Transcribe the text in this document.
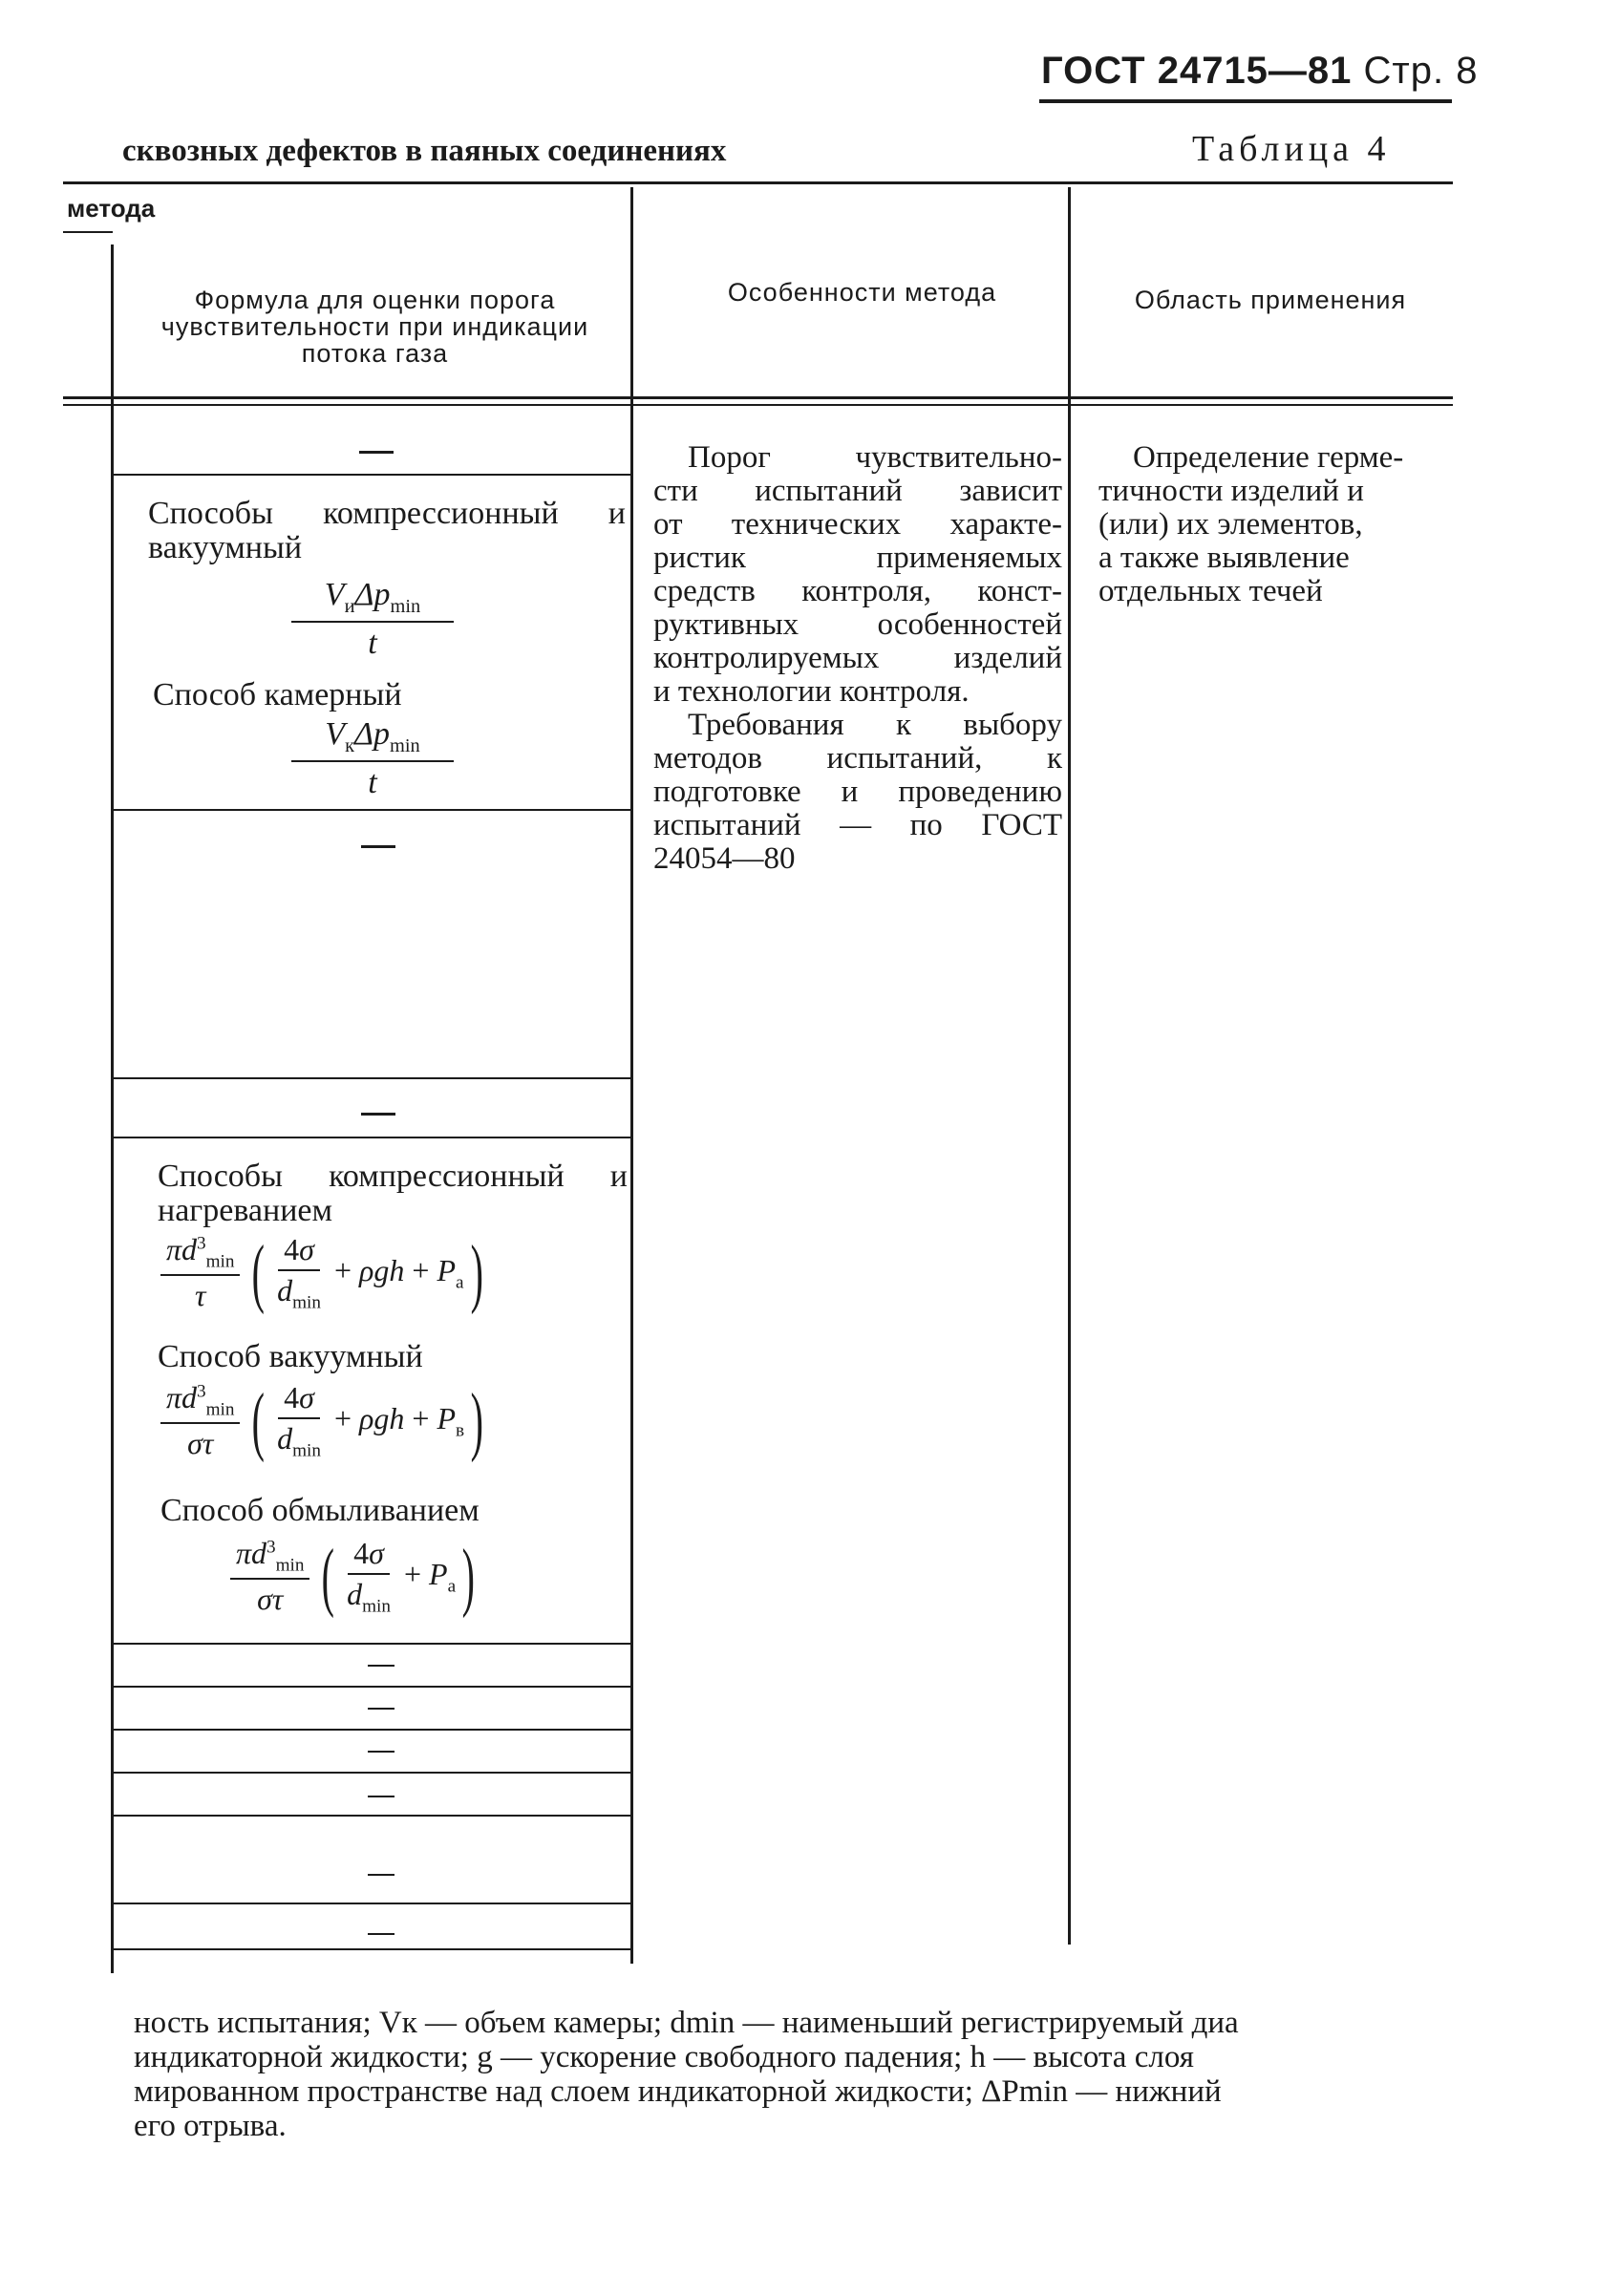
ГОСТ 24715—81 Стр. 8
сквозных дефектов в паяных соединениях	Таблица 4
метода
Формула для оценки порога чувствительности при индикации потока газа
Особенности метода	Область применения
Способы компрессионный и вакуумный
$V_и\Delta p_{min}$
t
Способ камерный
$V_к\Delta p_{min}$
t
Способы компрессионный и нагреванием
$\pi d^3_{min}$
τ ( 4σ
$d_{min}$
+ $\rho gh + P_а$ )
Способ вакуумный
$\pi d^3_{min}$
στ ( 4σ
$d_{min}$
+ $\rho gh + P_в$ )
Способ обмыливанием
$\pi d^3_{min}$
στ ( 4σ
$d_{min}$
+ $P_а$ )
Порог чувствительно-
сти испытаний зависит
от технических характе-
ристик применяемых
средств контроля, конст-
руктивных особенностей
контролируемых изделий
и технологии контроля.
Требования к выбору
методов испытаний, к
подготовке и проведению
испытаний — по ГОСТ
24054—80
Определение герме-
тичности изделий и
(или) их элементов,
а также выявление
отдельных течей
ность испытания; Vк — объем камеры; dmin — наименьший регистрируемый диа
индикаторной жидкости; g — ускорение свободного падения; h — высота слоя
мированном пространстве над слоем индикаторной жидкости; ΔPmin — нижний
его отрыва.
